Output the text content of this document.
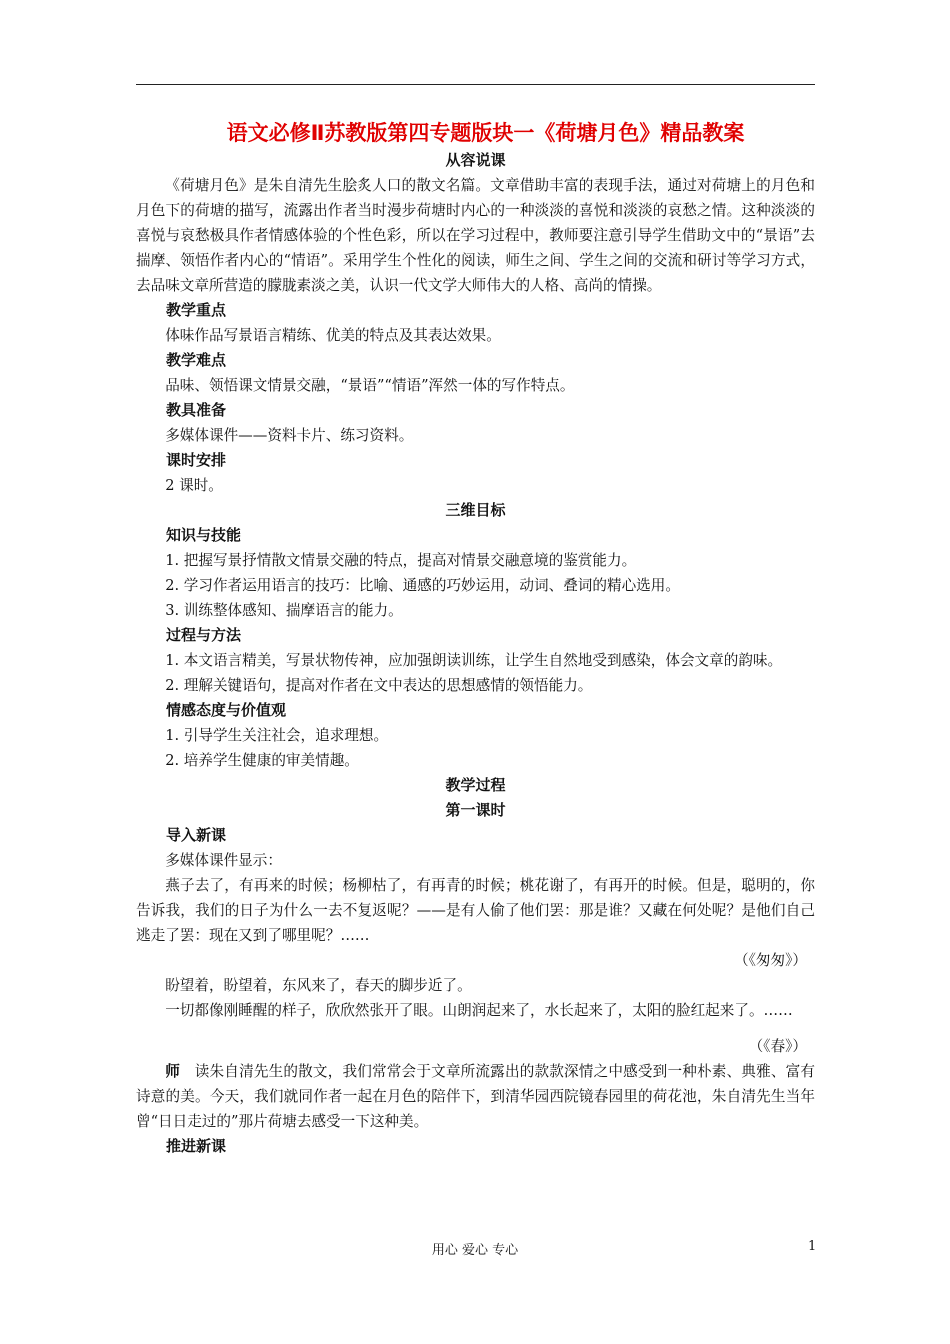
语文必修Ⅱ苏教版第四专题版块一《荷塘月色》精品教案

从容说课

《荷塘月色》是朱自清先生脍炙人口的散文名篇。文章借助丰富的表现手法，通过对荷塘上的月色和月色下的荷塘的描写，流露出作者当时漫步荷塘时内心的一种淡淡的喜悦和淡淡的哀愁之情。这种淡淡的喜悦与哀愁极具作者情感体验的个性色彩，所以在学习过程中，教师要注意引导学生借助文中的“景语”去揣摩、领悟作者内心的“情语”。采用学生个性化的阅读，师生之间、学生之间的交流和研讨等学习方式，去品味文章所营造的朦胧素淡之美，认识一代文学大师伟大的人格、高尚的情操。

教学重点

体味作品写景语言精练、优美的特点及其表达效果。

教学难点

品味、领悟课文情景交融，“景语”“情语”浑然一体的写作特点。

教具准备

多媒体课件——资料卡片、练习资料。

课时安排

2 课时。

三维目标

知识与技能

1. 把握写景抒情散文情景交融的特点，提高对情景交融意境的鉴赏能力。

2. 学习作者运用语言的技巧：比喻、通感的巧妙运用，动词、叠词的精心选用。

3. 训练整体感知、揣摩语言的能力。

过程与方法

1. 本文语言精美，写景状物传神，应加强朗读训练，让学生自然地受到感染，体会文章的韵味。

2. 理解关键语句，提高对作者在文中表达的思想感情的领悟能力。

情感态度与价值观

1. 引导学生关注社会，追求理想。

2. 培养学生健康的审美情趣。

教学过程

第一课时

导入新课

多媒体课件显示：

燕子去了，有再来的时候；杨柳枯了，有再青的时候；桃花谢了，有再开的时候。但是，聪明的，你告诉我，我们的日子为什么一去不复返呢？——是有人偷了他们罢：那是谁？又藏在何处呢？是他们自己逃走了罢：现在又到了哪里呢？……

（《匆匆》）

盼望着，盼望着，东风来了，春天的脚步近了。

一切都像刚睡醒的样子，欣欣然张开了眼。山朗润起来了，水长起来了，太阳的脸红起来了。……

（《春》）

师　 读朱自清先生的散文，我们常常会于文章所流露出的款款深情之中感受到一种朴素、典雅、富有诗意的美。今天，我们就同作者一起在月色的陪伴下，到清华园西院镜春园里的荷花池，朱自清先生当年曾“日日走过的”那片荷塘去感受一下这种美。

推进新课

用心 爱心 专心	1
